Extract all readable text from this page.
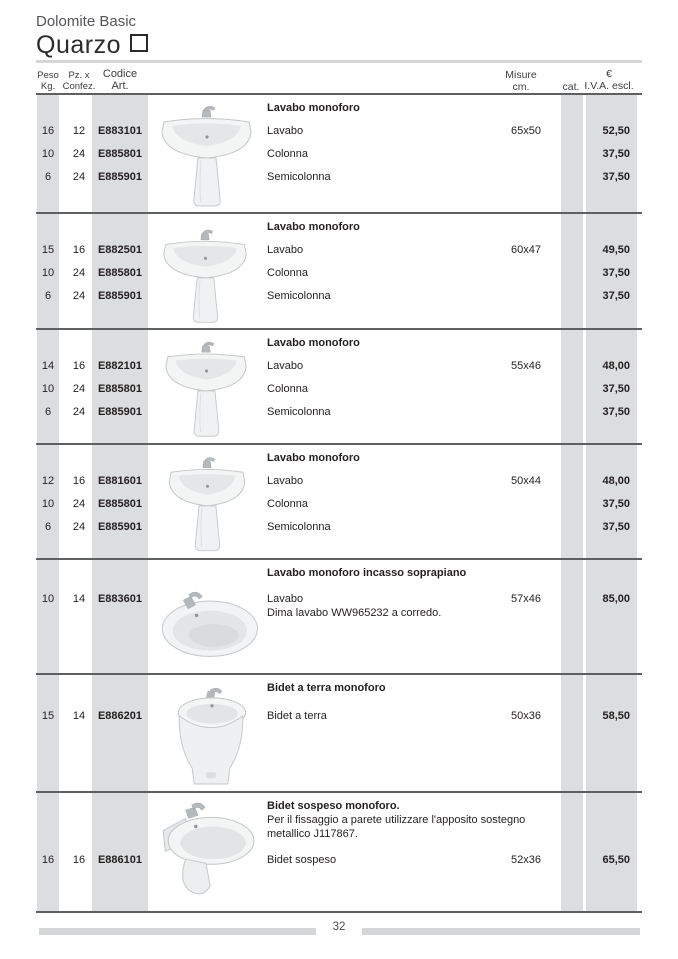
Dolomite Basic
Quarzo
Peso
Kg.
Pz. x
Confez.
Codice
Art.
Misure
cm.	cat.
€
I.V.A. escl.
Lavabo monoforo
16	12	E883101	Lavabo	65x50	52,50
10	24	E885801	Colonna	37,50
6	24	E885901	Semicolonna	37,50
Lavabo monoforo
15	16	E882501	Lavabo	60x47	49,50
10	24	E885801	Colonna	37,50
6	24	E885901	Semicolonna	37,50
Lavabo monoforo
14	16	E882101	Lavabo	55x46	48,00
10	24	E885801	Colonna	37,50
6	24	E885901	Semicolonna	37,50
Lavabo monoforo
12	16	E881601	Lavabo	50x44	48,00
10	24	E885801	Colonna	37,50
6	24	E885901	Semicolonna	37,50
Lavabo monoforo incasso soprapiano
10	14	E883601	Lavabo	57x46	85,00
Dima lavabo WW965232 a corredo.
Bidet a terra monoforo
15	14	E886201	Bidet a terra	50x36	58,50
Bidet sospeso monoforo.
Per il fissaggio a parete utilizzare l'apposito sostegno
metallico J117867.
16	16	E886101	Bidet sospeso	52x36	65,50
32
